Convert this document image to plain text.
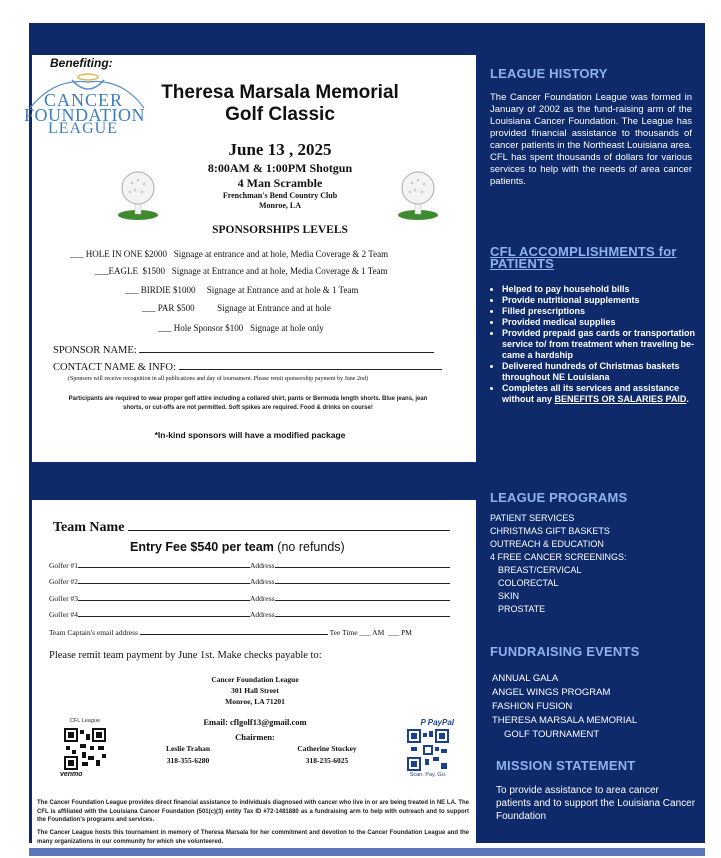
Benefiting:
CANCER
FOUNDATION
LEAGUE
Theresa Marsala Memorial
Golf Classic
June 13 , 2025
8:00AM & 1:00PM Shotgun
4 Man Scramble
Frenchman's Bend Country Club
Monroe, LA
SPONSORSHIPS LEVELS
___ HOLE IN ONE $2000   Signage at entrance and at hole, Media Coverage & 2 Team
___EAGLE  $1500   Signage at Entrance and at hole, Media Coverage & 1 Team
___ BIRDIE $1000     Signage at Entrance and at hole & 1 Team
___ PAR $500          Signage at Entrance and at hole
___ Hole Sponsor $100   Signage at hole only
SPONSOR NAME:
CONTACT NAME & INFO:
(Sponsors will receive recognition in all publications and day of tournament. Please remit sponsorship payment by June 2nd)
Participants are required to wear proper golf attire including a collared shirt, pants or Bermuda length shorts. Blue jeans, jean shorts, or cut-offs are not permitted. Soft spikes are required. Food & drinks on course!
*In-kind sponsors will have a modified package
Team Name
Entry Fee $540 per team (no refunds)
Golfer #1	Address
Golfer #2	Address
Golfer #3	Address
Golfer #4	Address
Team Captain's email address	Tee Time ___ AM  ___ PM
Please remit team payment by June 1st. Make checks payable to:
Cancer Foundation League
301 Hall Street
Monroe, LA 71201
Email: cflgolf13@gmail.com
Chairmen:
Leslie Trahan
318-355-6280
Catherine Stuckey
318-235-6025
CFL League
venmo
P PayPal
Scan. Pay. Go.
The Cancer Foundation League provides direct financial assistance to individuals diagnosed with cancer who live in or are being treated in NE LA. The CFL is affiliated with the Louisiana Cancer Foundation (501(c)(3) entity Tax ID #72-1481880 as a fundraising arm to help with outreach and to support the Foundation's programs and services.
The Cancer League hosts this tournament in memory of Theresa Marsala for her commitment and devotion to the Cancer Foundation League and the many organizations in our community for which she volunteered.
LEAGUE HISTORY

The Cancer Foundation League was formed in January of 2002 as the fund-raising arm of the Louisiana Cancer Foundation. The League has provided financial assistance to thousands of cancer patients in the Northeast Louisiana area. CFL has spent thousands of dollars for various services to help with the needs of area cancer patients.

CFL ACCOMPLISHMENTS for PATIENTS
• Helped to pay household bills
• Provide nutritional supplements
• Filled prescriptions
• Provided medical supplies
• Provided prepaid gas cards or transportation service to/ from treatment when traveling be- came a hardship
• Delivered hundreds of Christmas baskets throughout NE Louisiana
• Completes all its services and assistance without any BENEFITS OR SALARIES PAID.
LEAGUE PROGRAMS
PATIENT SERVICES
CHRISTMAS GIFT BASKETS
OUTREACH & EDUCATION
4 FREE CANCER SCREENINGS:
BREAST/CERVICAL
COLORECTAL
SKIN
PROSTATE
FUNDRAISING EVENTS
ANNUAL GALA
ANGEL WINGS PROGRAM
FASHION FUSION
THERESA MARSALA MEMORIAL
GOLF TOURNAMENT
MISSION STATEMENT

To provide assistance to area cancer patients and to support the Louisiana Cancer Foundation
